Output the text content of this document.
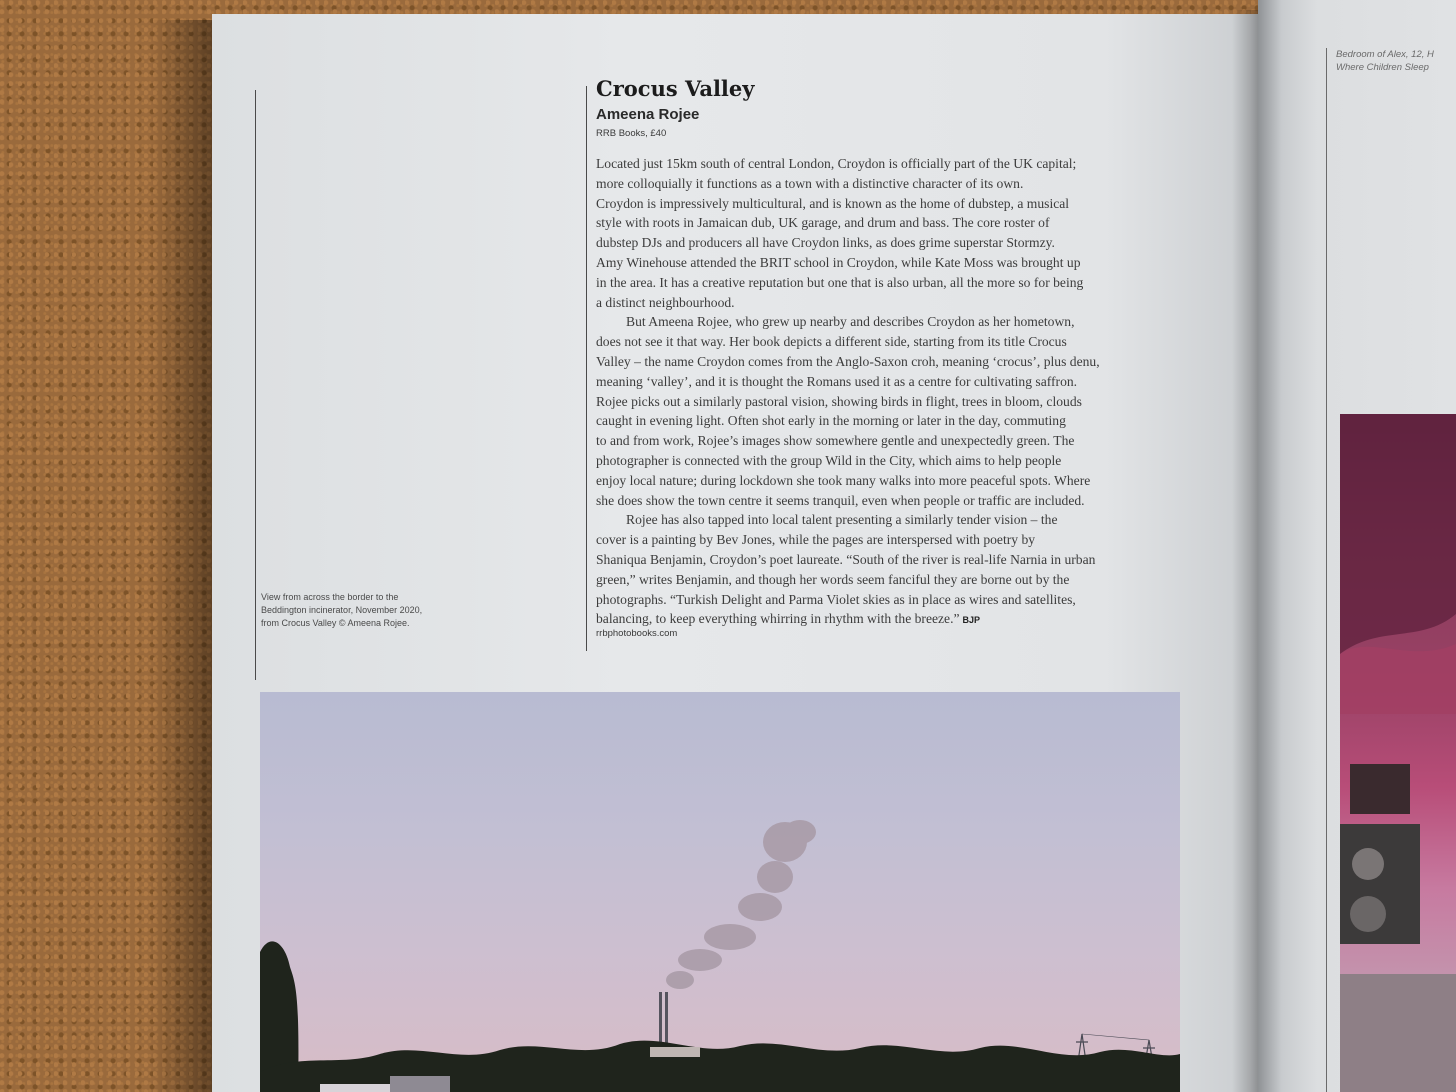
Crocus Valley
Ameena Rojee

RRB Books, £40

Located just 15km south of central London, Croydon is officially part of the UK capital;

more colloquially it functions as a town with a distinctive character of its own.

Croydon is impressively multicultural, and is known as the home of dubstep, a musical

style with roots in Jamaican dub, UK garage, and drum and bass. The core roster of

dubstep DJs and producers all have Croydon links, as does grime superstar Stormzy.

Amy Winehouse attended the BRIT school in Croydon, while Kate Moss was brought up

in the area. It has a creative reputation but one that is also urban, all the more so for being

a distinct neighbourhood.

But Ameena Rojee, who grew up nearby and describes Croydon as her hometown,

does not see it that way. Her book depicts a different side, starting from its title Crocus

Valley – the name Croydon comes from the Anglo-Saxon croh, meaning ‘crocus’, plus denu,

meaning ‘valley’, and it is thought the Romans used it as a centre for cultivating saffron.

Rojee picks out a similarly pastoral vision, showing birds in flight, trees in bloom, clouds

caught in evening light. Often shot early in the morning or later in the day, commuting

to and from work, Rojee’s images show somewhere gentle and unexpectedly green. The

photographer is connected with the group Wild in the City, which aims to help people

enjoy local nature; during lockdown she took many walks into more peaceful spots. Where

she does show the town centre it seems tranquil, even when people or traffic are included.

Rojee has also tapped into local talent presenting a similarly tender vision – the

cover is a painting by Bev Jones, while the pages are interspersed with poetry by

Shaniqua Benjamin, Croydon’s poet laureate. “South of the river is real-life Narnia in urban

green,” writes Benjamin, and though her words seem fanciful they are borne out by the

photographs. “Turkish Delight and Parma Violet skies as in place as wires and satellites,

balancing, to keep everything whirring in rhythm with the breeze.” BJP

rrbphotobooks.com

View from across the border to the

Beddington incinerator, November 2020,

from Crocus Valley © Ameena Rojee.

Bedroom of Alex, 12, H

Where Children Sleep
